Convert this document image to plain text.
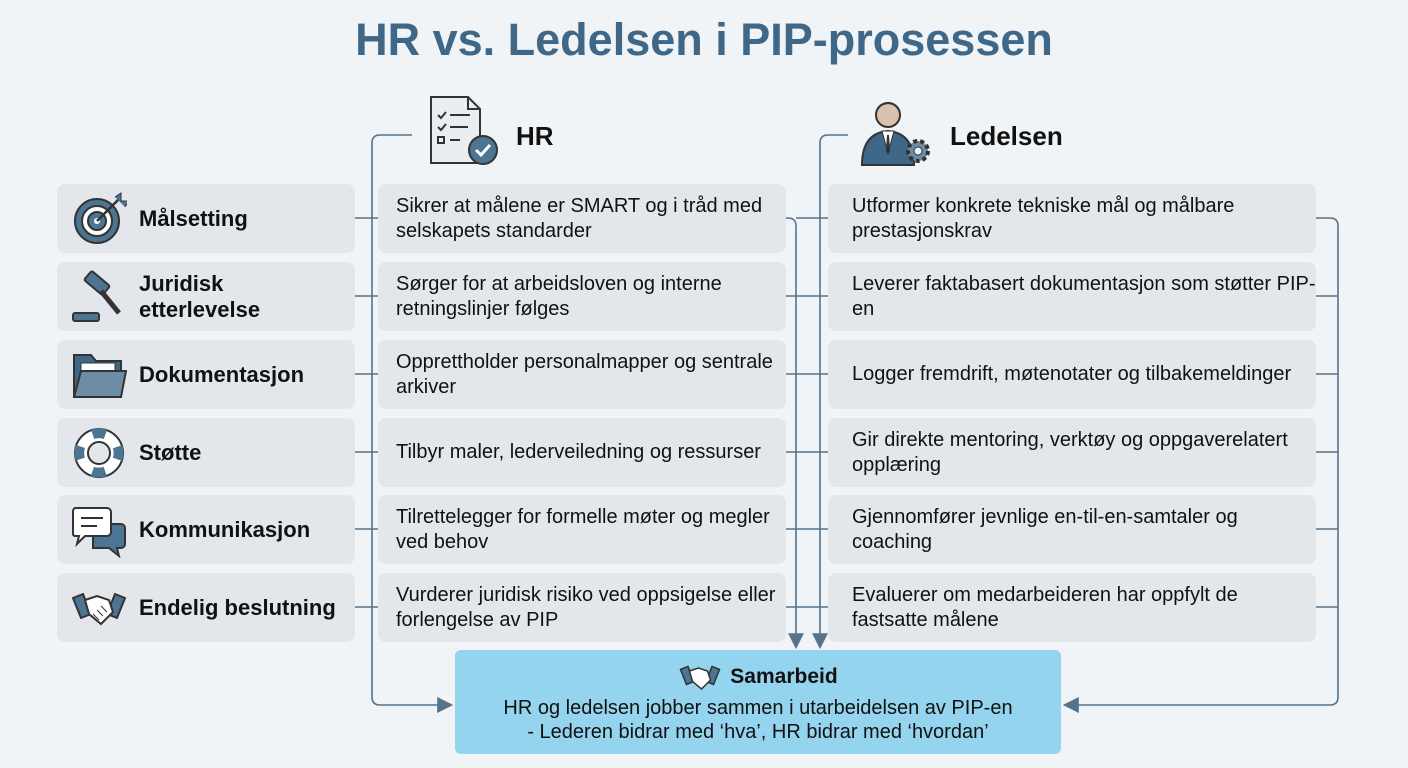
HR vs. Ledelsen i PIP-prosessen
HR	Ledelsen
Målsetting
Juridisk etterlevelse
Dokumentasjon
Støtte
Kommunikasjon
Endelig beslutning
Sikrer at målene er SMART og i tråd med selskapets standarder
Sørger for at arbeidsloven og interne retningslinjer følges
Opprettholder personalmapper og sentrale arkiver
Tilbyr maler, lederveiledning og ressurser
Tilrettelegger for formelle møter og megler ved behov
Vurderer juridisk risiko ved oppsigelse eller forlengelse av PIP
Utformer konkrete tekniske mål og målbare prestasjonskrav
Leverer faktabasert dokumentasjon som støtter PIP-en
Logger fremdrift, møtenotater og tilbakemeldinger
Gir direkte mentoring, verktøy og oppgaverelatert opplæring
Gjennomfører jevnlige en-til-en-samtaler og coaching
Evaluerer om medarbeideren har oppfylt de fastsatte målene
Samarbeid
HR og ledelsen jobber sammen i utarbeidelsen av PIP-en
- Lederen bidrar med ‘hva’, HR bidrar med ‘hvordan’
